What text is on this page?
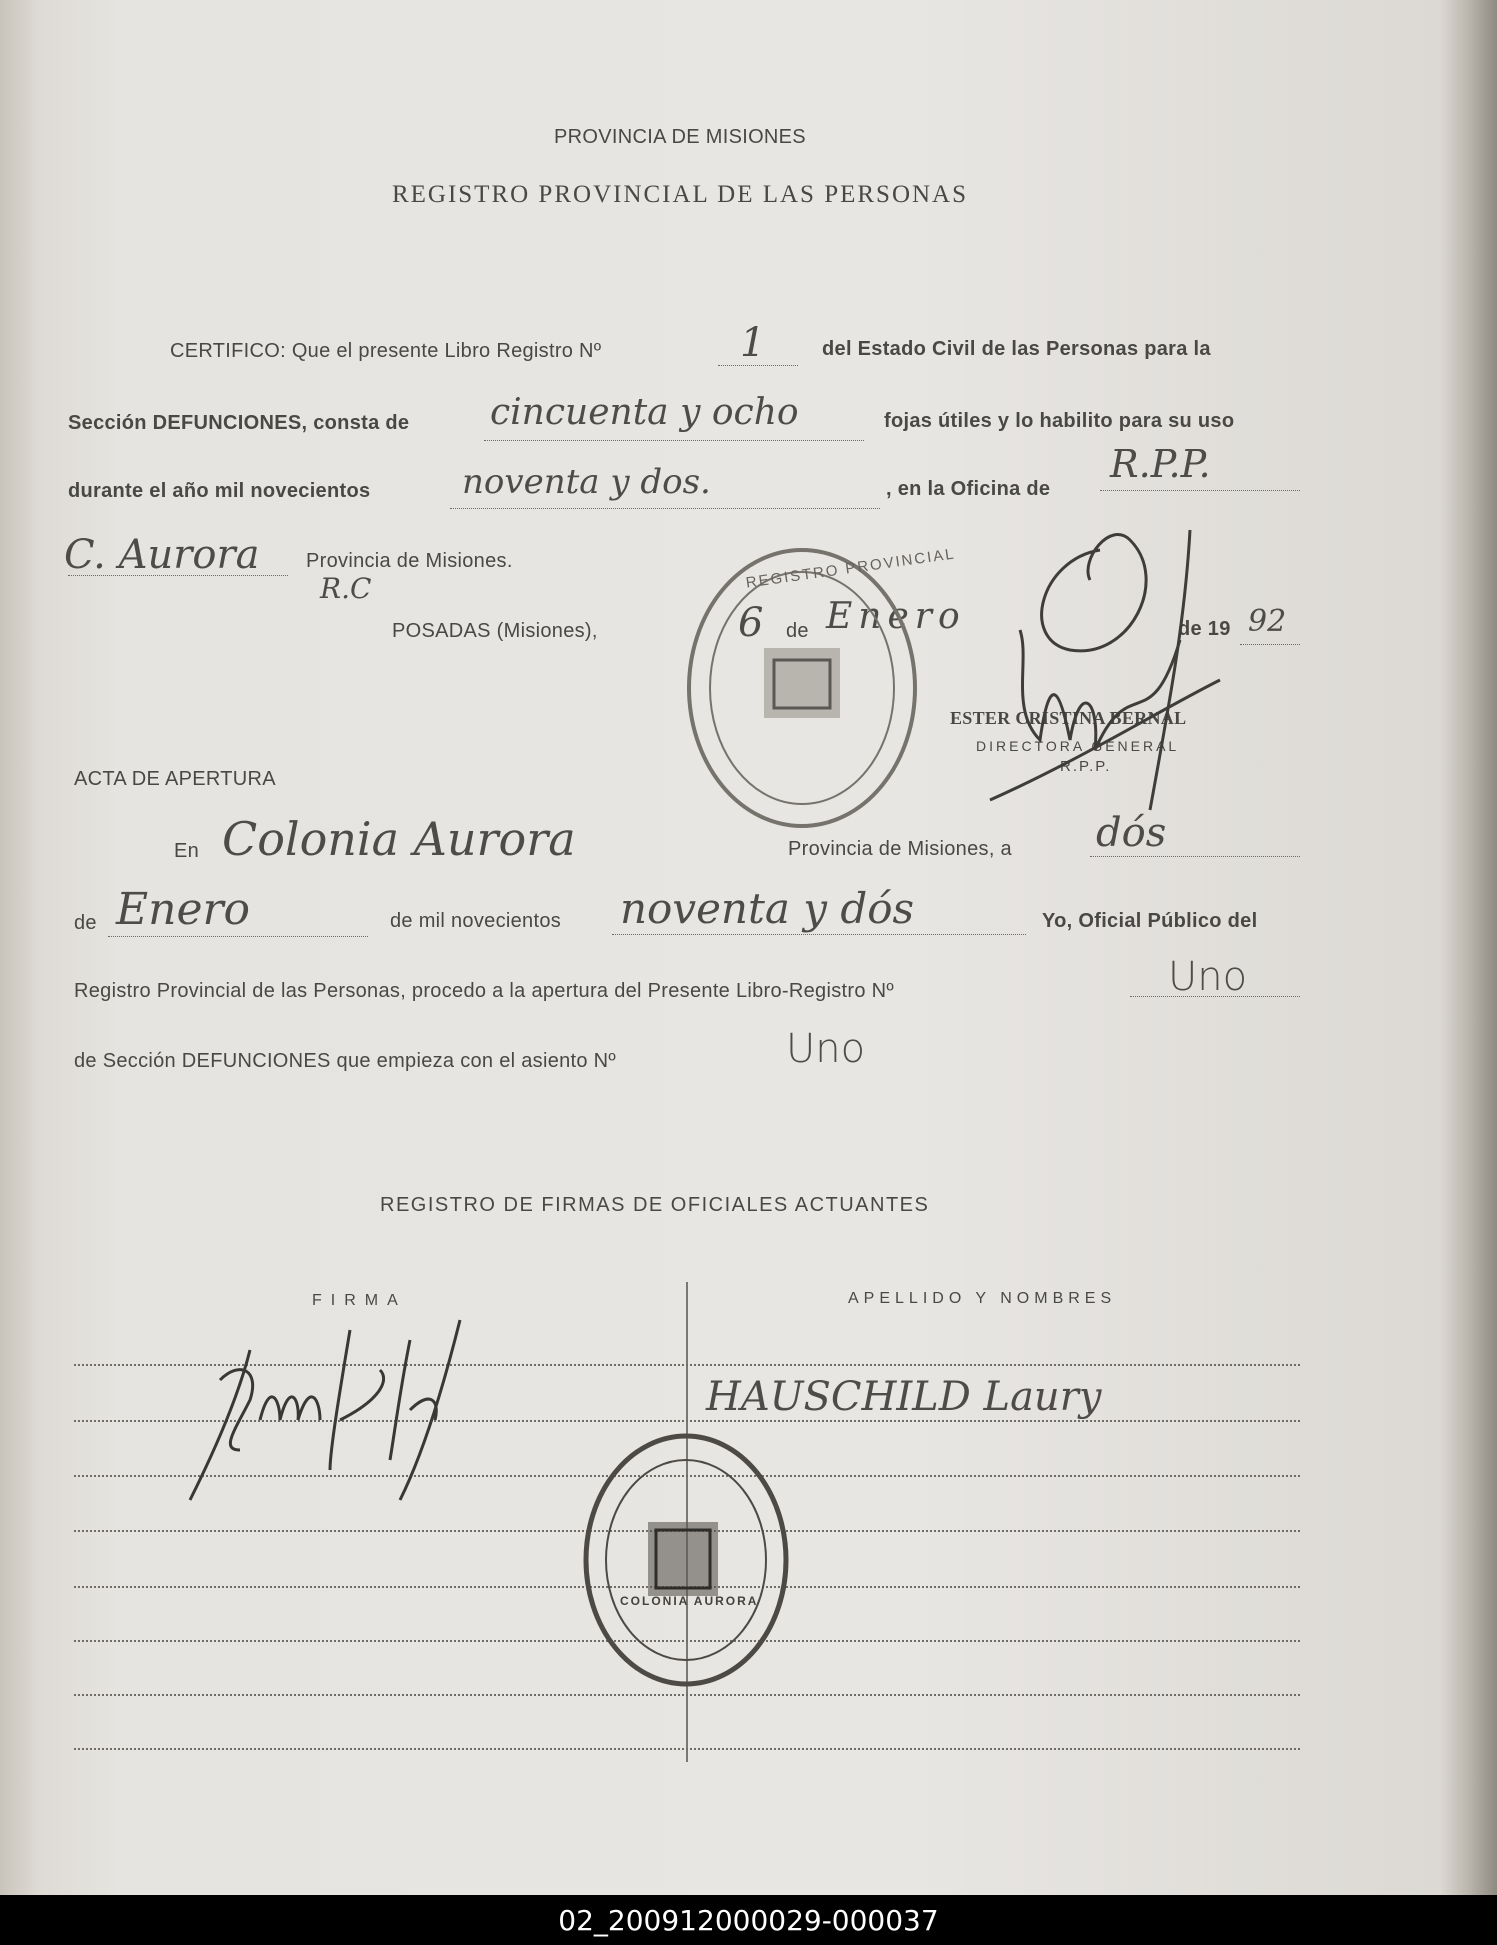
PROVINCIA DE MISIONES
REGISTRO PROVINCIAL DE LAS PERSONAS
CERTIFICO: Que el presente Libro Registro Nº	1	del Estado Civil de las Personas para la
Sección DEFUNCIONES, consta de cincuenta y ocho	fojas útiles y lo habilito para su uso
durante el año mil novecientos	noventa y dos.	, en la Oficina de
R.P.P.
C. Aurora Provincia de Misiones.
R.C
POSADAS (Misiones),	6 de Enero	de 19 92
ESTER CRISTINA BERNAL
DIRECTORA GENERAL
R.P.P.
REGISTRO PROVINCIAL
ACTA DE APERTURA
En Colonia Aurora	Provincia de Misiones, a dós
de Enero	de mil novecientos noventa y dós	Yo, Oficial Público del
Registro Provincial de las Personas, procedo a la apertura del Presente Libro-Registro Nº	Uno
de Sección DEFUNCIONES que empieza con el asiento Nº	Uno
REGISTRO DE FIRMAS DE OFICIALES ACTUANTES
FIRMA	APELLIDO Y NOMBRES
HAUSCHILD Laury
COLONIA AURORA
02_200912000029-000037
